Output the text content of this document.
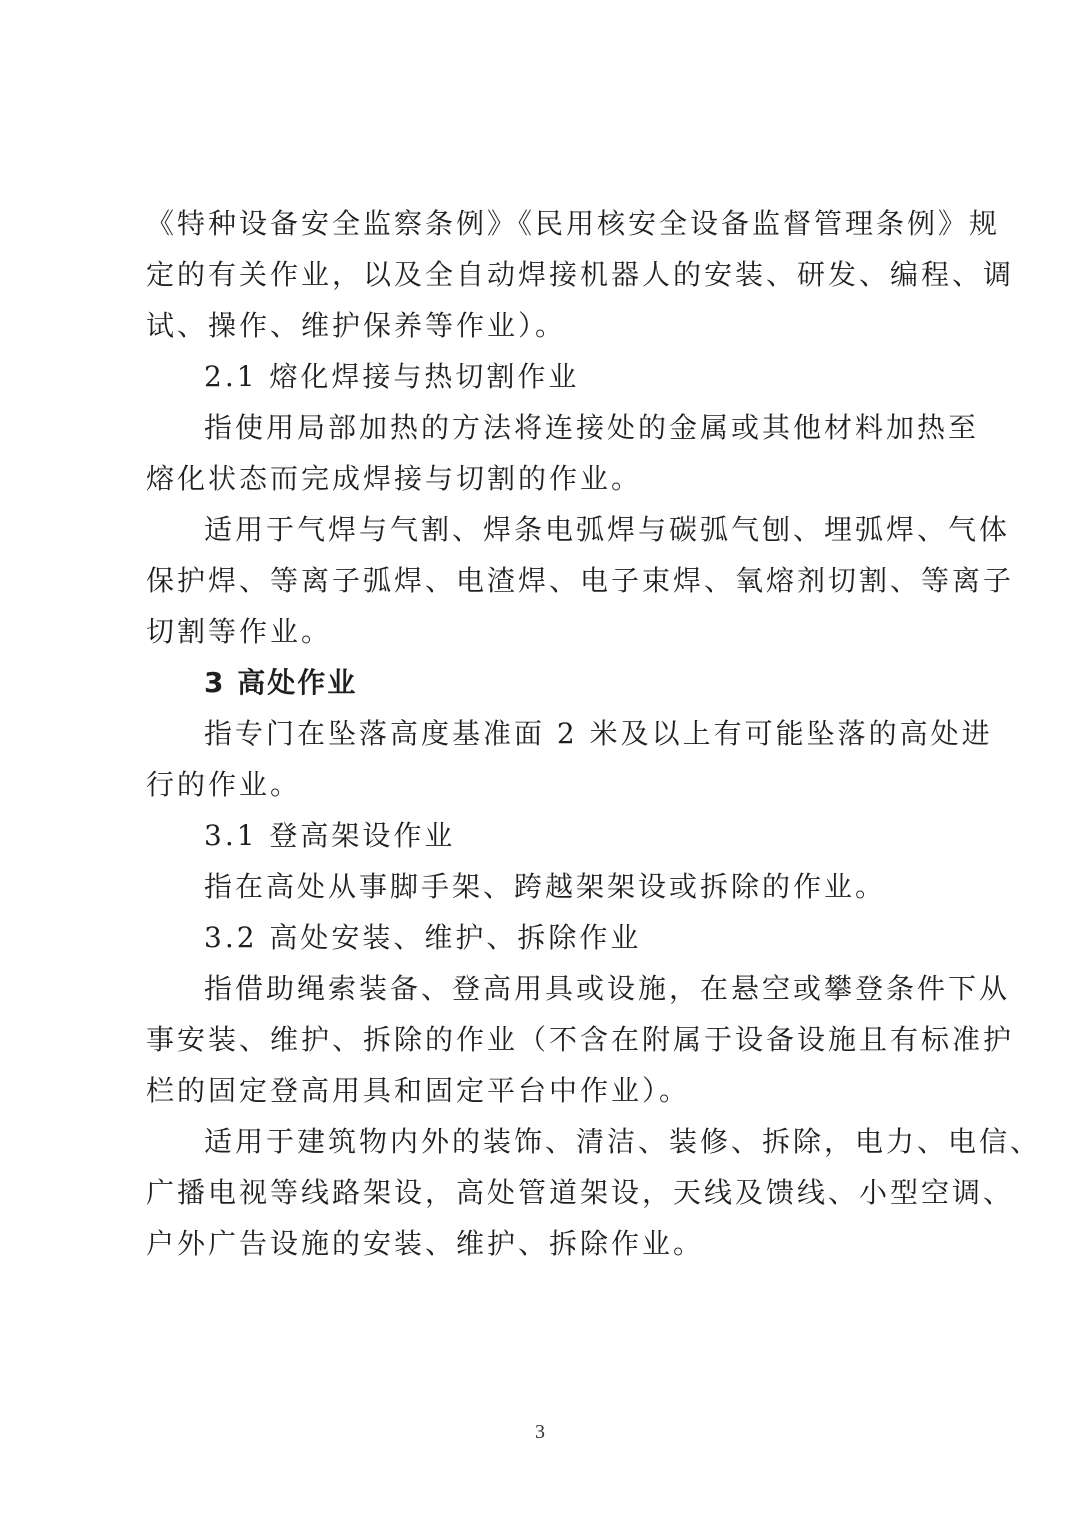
《特种设备安全监察条例》《民用核安全设备监督管理条例》规
定的有关作业，以及全自动焊接机器人的安装、研发、编程、调
试、操作、维护保养等作业）。
2.1 熔化焊接与热切割作业
指使用局部加热的方法将连接处的金属或其他材料加热至
熔化状态而完成焊接与切割的作业。
适用于气焊与气割、焊条电弧焊与碳弧气刨、埋弧焊、气体
保护焊、等离子弧焊、电渣焊、电子束焊、氧熔剂切割、等离子
切割等作业。
3 高处作业
指专门在坠落高度基准面 2 米及以上有可能坠落的高处进
行的作业。
3.1 登高架设作业
指在高处从事脚手架、跨越架架设或拆除的作业。
3.2 高处安装、维护、拆除作业
指借助绳索装备、登高用具或设施，在悬空或攀登条件下从
事安装、维护、拆除的作业（不含在附属于设备设施且有标准护
栏的固定登高用具和固定平台中作业）。
适用于建筑物内外的装饰、清洁、装修、拆除，电力、电信、
广播电视等线路架设，高处管道架设，天线及馈线、小型空调、
户外广告设施的安装、维护、拆除作业。
3
